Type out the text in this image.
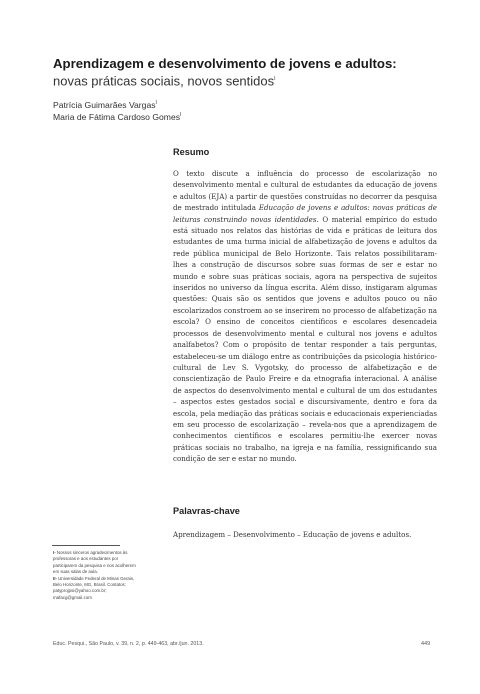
Aprendizagem e desenvolvimento de jovens e adultos:
novas práticas sociais, novos sentidos$^I$
Patrícia Guimarães Vargas$^I$
Maria de Fátima Cardoso Gomes$^I$
Resumo

O texto discute a influência do processo de escolarização no desenvolvimento mental e cultural de estudantes da educação de jovens e adultos (EJA) a partir de questões construídas no decorrer da pesquisa de mestrado intitulada Educação de jovens e adultos: novas práticas de leituras construindo novas identidades. O material empírico do estudo está situado nos relatos das histórias de vida e práticas de leitura dos estudantes de uma turma inicial de alfabetização de jovens e adultos da rede pública municipal de Belo Horizonte. Tais relatos possibilitaram-lhes a construção de discursos sobre suas formas de ser e estar no mundo e sobre suas práticas sociais, agora na perspectiva de sujeitos inseridos no universo da língua escrita. Além disso, instigaram algumas questões: Quais são os sentidos que jovens e adultos pouco ou não escolarizados constroem ao se inserirem no processo de alfabetização na escola? O ensino de conceitos científicos e escolares desencadeia processos de desenvolvimento mental e cultural nos jovens e adultos analfabetos? Com o propósito de tentar responder a tais perguntas, estabeleceu-se um diálogo entre as contribuições da psicologia histórico-cultural de Lev S. Vygotsky, do processo de alfabetização e de conscientização de Paulo Freire e da etnografia interacional. A análise de aspectos do desenvolvimento mental e cultural de um dos estudantes – aspectos estes gestados social e discursivamente, dentro e fora da escola, pela mediação das práticas sociais e educacionais experienciadas em seu processo de escolarização – revela-nos que a aprendizagem de conhecimentos científicos e escolares permitiu-lhe exercer novas práticas sociais no trabalho, na igreja e na família, ressignificando sua condição de ser e estar no mundo.

Palavras-chave
Aprendizagem – Desenvolvimento – Educação de jovens e adultos.

I- Nossos sinceros agradecimentos às professoras e aos estudantes por participarem da pesquisa e nos acolherem em suas salas de aula.

II- Universidade Federal de Minas Gerais, Belo Horizonte, MG, Brasil. Contatos: patyprojpsi@yahoo.com.br; mafacg@gmail.com

Educ. Pesqui., São Paulo, v. 39, n. 2, p. 449-463, abr./jun. 2013.	449
